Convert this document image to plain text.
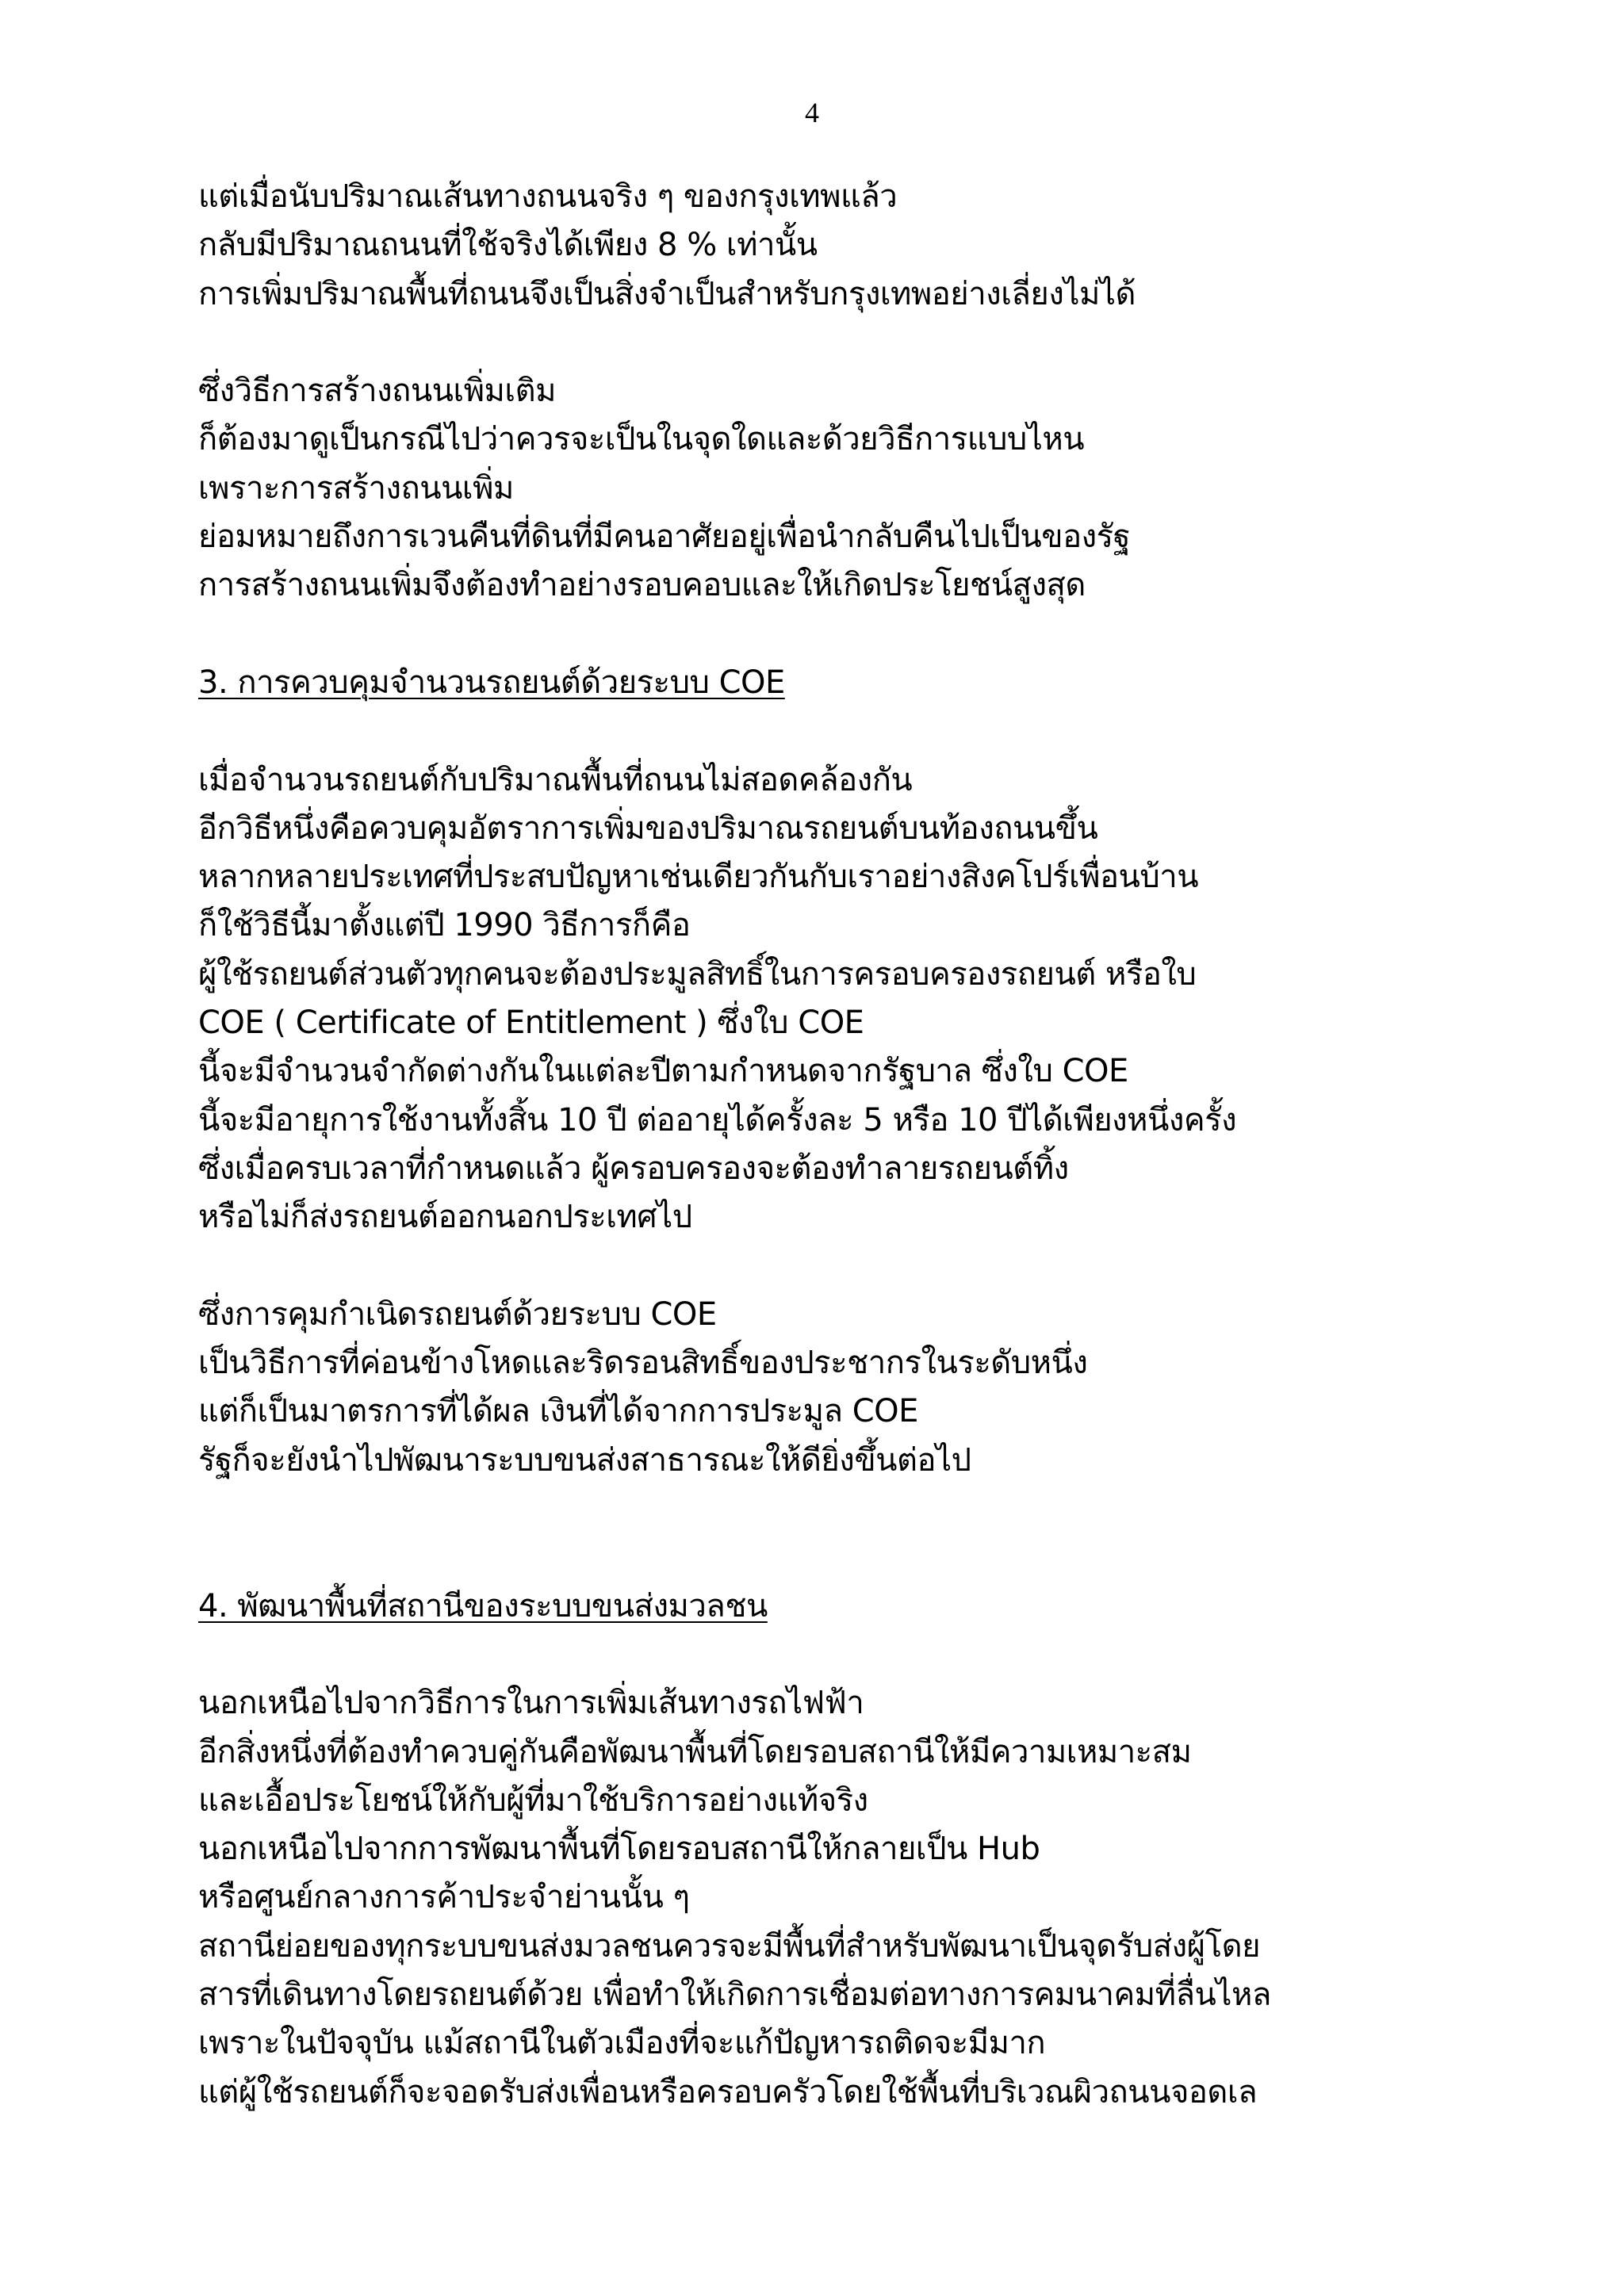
4
แต่เมื่อนับปริมาณเส้นทางถนนจริง ๆ ของกรุงเทพแล้ว
กลับมีปริมาณถนนที่ใช้จริงได้เพียง 8 % เท่านั้น
การเพิ่มปริมาณพื้นที่ถนนจึงเป็นสิ่งจำเป็นสำหรับกรุงเทพอย่างเลี่ยงไม่ได้
ซึ่งวิธีการสร้างถนนเพิ่มเติม
ก็ต้องมาดูเป็นกรณีไปว่าควรจะเป็นในจุดใดและด้วยวิธีการแบบไหน
เพราะการสร้างถนนเพิ่ม
ย่อมหมายถึงการเวนคืนที่ดินที่มีคนอาศัยอยู่เพื่อนำกลับคืนไปเป็นของรัฐ
การสร้างถนนเพิ่มจึงต้องทำอย่างรอบคอบและให้เกิดประโยชน์สูงสุด
3. การควบคุมจำนวนรถยนต์ด้วยระบบ COE
เมื่อจำนวนรถยนต์กับปริมาณพื้นที่ถนนไม่สอดคล้องกัน
อีกวิธีหนึ่งคือควบคุมอัตราการเพิ่มของปริมาณรถยนต์บนท้องถนนขึ้น
หลากหลายประเทศที่ประสบปัญหาเช่นเดียวกันกับเราอย่างสิงคโปร์เพื่อนบ้าน
ก็ใช้วิธีนี้มาตั้งแต่ปี 1990 วิธีการก็คือ
ผู้ใช้รถยนต์ส่วนตัวทุกคนจะต้องประมูลสิทธิ์ในการครอบครองรถยนต์ หรือใบ
COE ( Certificate of Entitlement ) ซึ่งใบ COE
นี้จะมีจำนวนจำกัดต่างกันในแต่ละปีตามกำหนดจากรัฐบาล ซึ่งใบ COE
นี้จะมีอายุการใช้งานทั้งสิ้น 10 ปี ต่ออายุได้ครั้งละ 5 หรือ 10 ปีได้เพียงหนึ่งครั้ง
ซึ่งเมื่อครบเวลาที่กำหนดแล้ว ผู้ครอบครองจะต้องทำลายรถยนต์ทิ้ง
หรือไม่ก็ส่งรถยนต์ออกนอกประเทศไป
ซึ่งการคุมกำเนิดรถยนต์ด้วยระบบ COE
เป็นวิธีการที่ค่อนข้างโหดและริดรอนสิทธิ์ของประชากรในระดับหนึ่ง
แต่ก็เป็นมาตรการที่ได้ผล เงินที่ได้จากการประมูล COE
รัฐก็จะยังนำไปพัฒนาระบบขนส่งสาธารณะให้ดียิ่งขึ้นต่อไป
4. พัฒนาพื้นที่สถานีของระบบขนส่งมวลชน
นอกเหนือไปจากวิธีการในการเพิ่มเส้นทางรถไฟฟ้า
อีกสิ่งหนึ่งที่ต้องทำควบคู่กันคือพัฒนาพื้นที่โดยรอบสถานีให้มีความเหมาะสม
และเอื้อประโยชน์ให้กับผู้ที่มาใช้บริการอย่างแท้จริง
นอกเหนือไปจากการพัฒนาพื้นที่โดยรอบสถานีให้กลายเป็น Hub
หรือศูนย์กลางการค้าประจำย่านนั้น ๆ
สถานีย่อยของทุกระบบขนส่งมวลชนควรจะมีพื้นที่สำหรับพัฒนาเป็นจุดรับส่งผู้โดย
สารที่เดินทางโดยรถยนต์ด้วย เพื่อทำให้เกิดการเชื่อมต่อทางการคมนาคมที่ลื่นไหล
เพราะในปัจจุบัน แม้สถานีในตัวเมืองที่จะแก้ปัญหารถติดจะมีมาก
แต่ผู้ใช้รถยนต์ก็จะจอดรับส่งเพื่อนหรือครอบครัวโดยใช้พื้นที่บริเวณผิวถนนจอดเล
